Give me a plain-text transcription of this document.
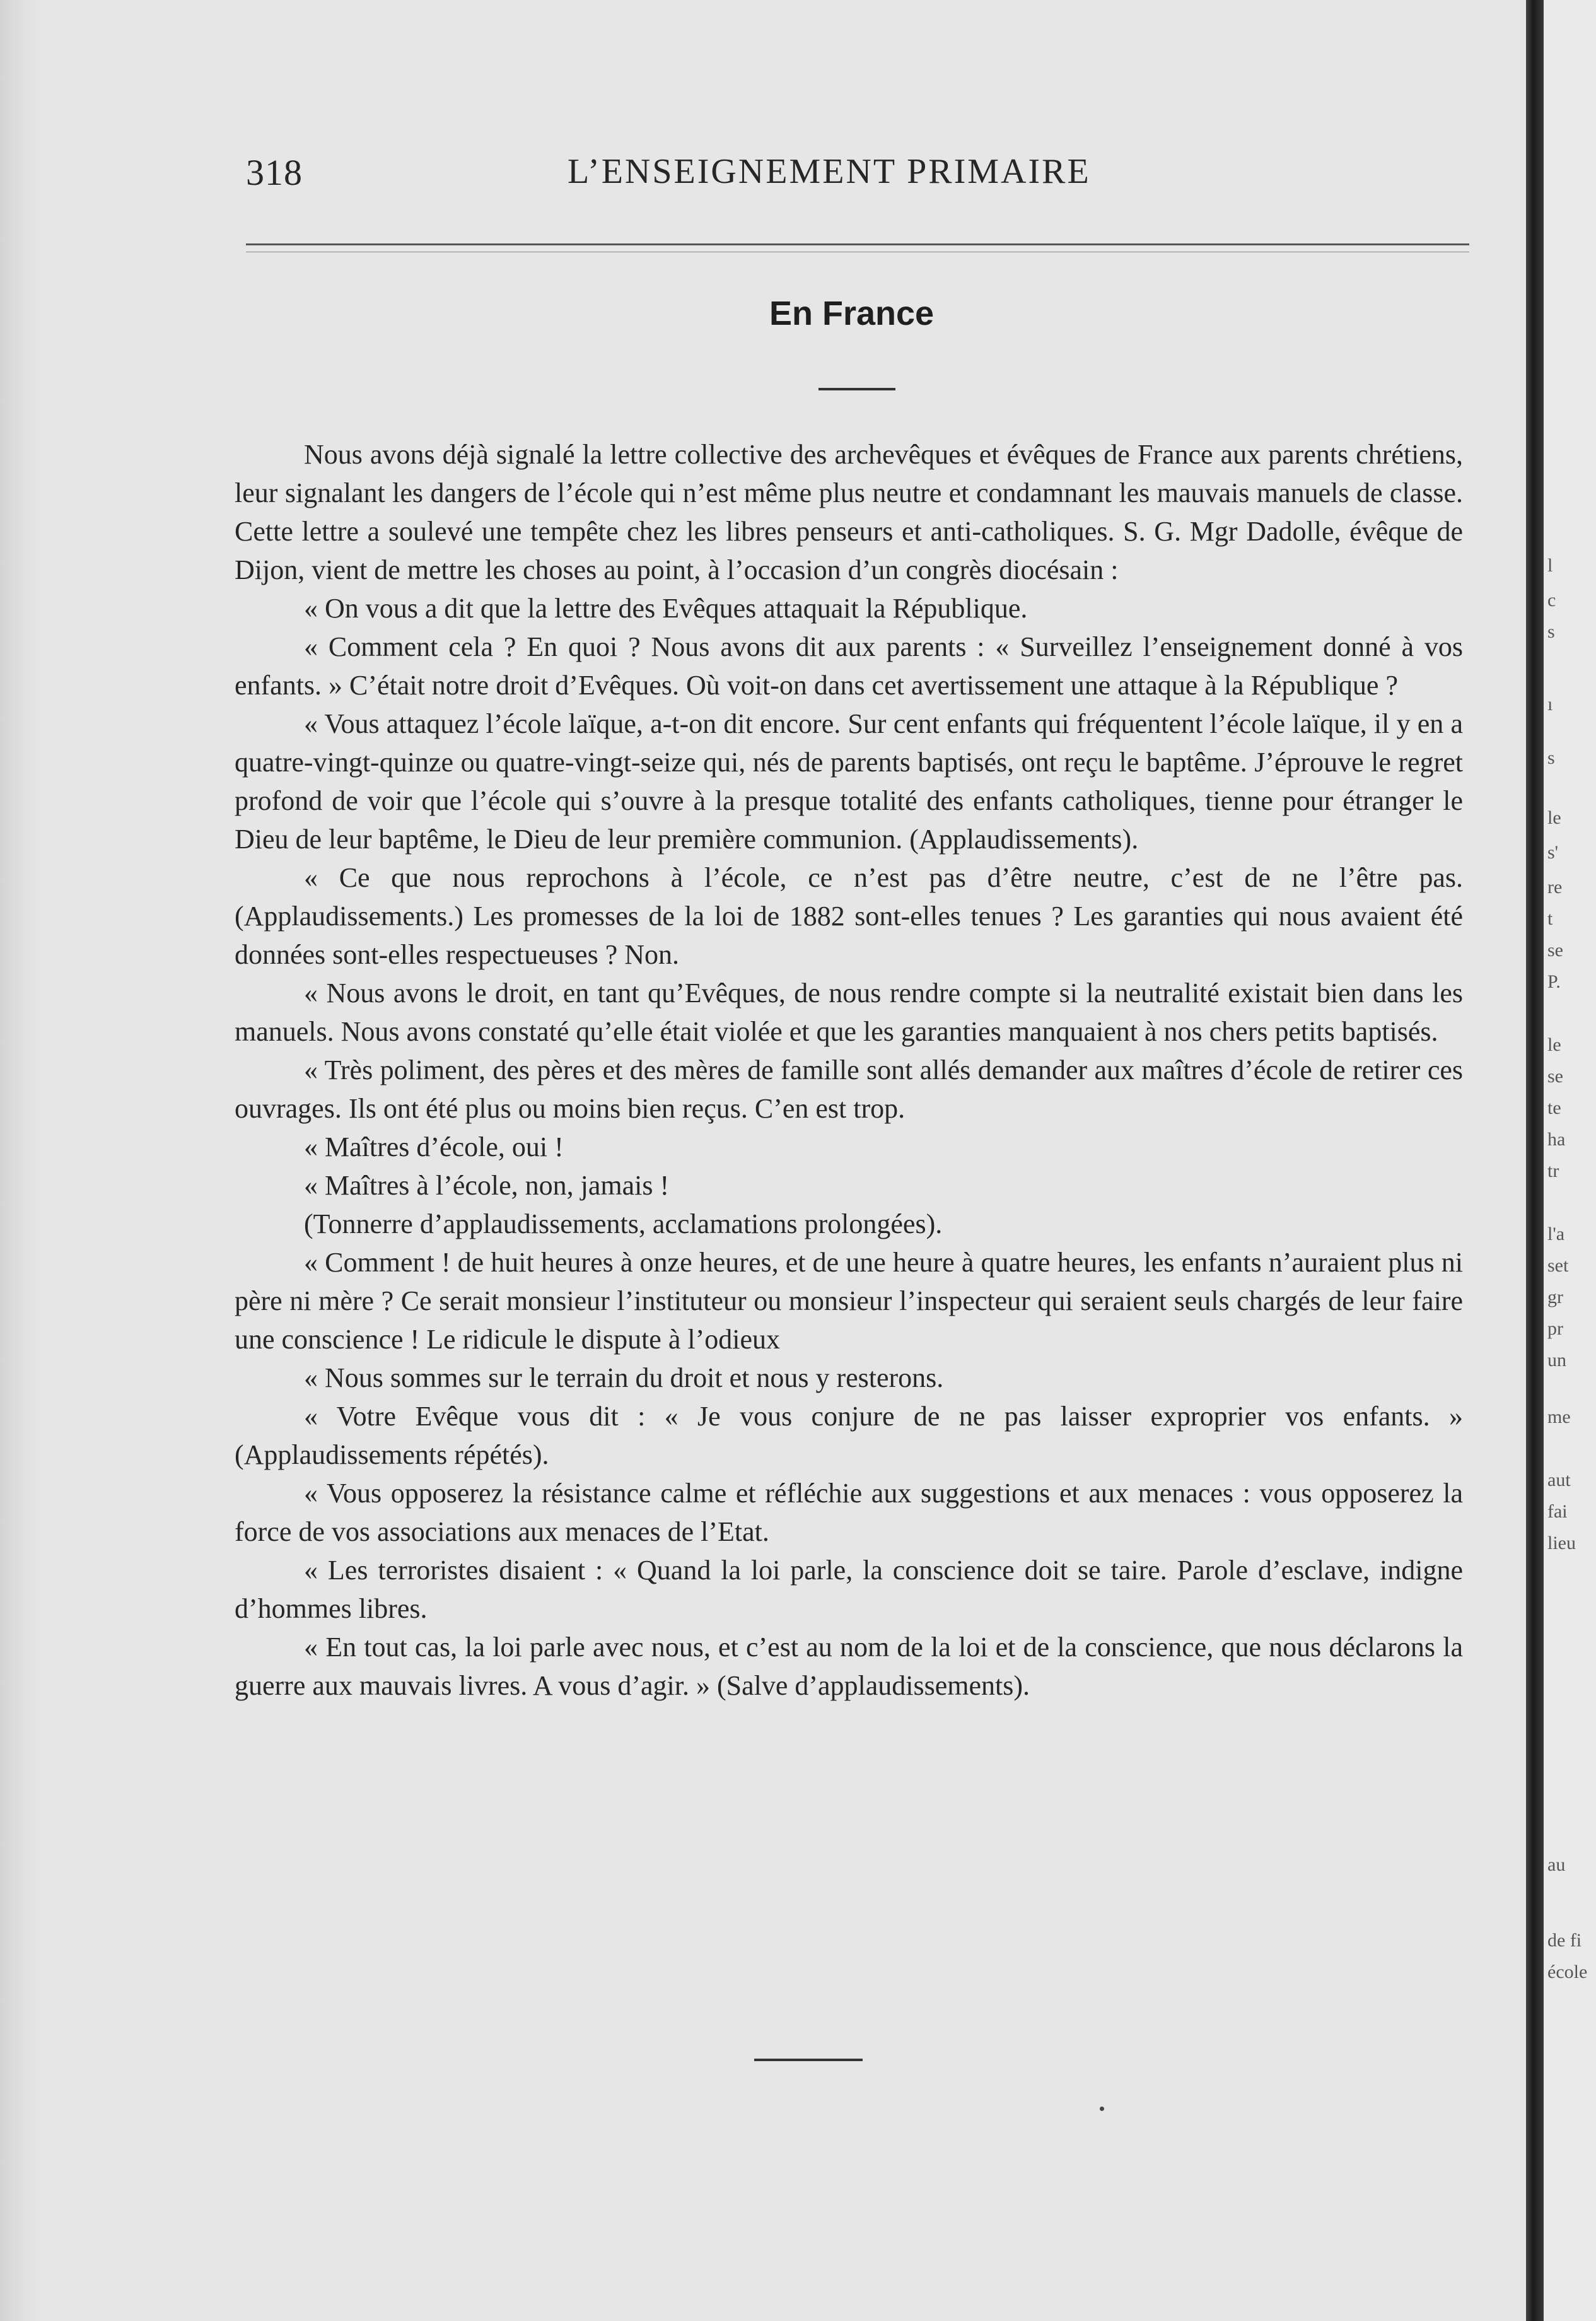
318	L’ENSEIGNEMENT PRIMAIRE
En France

Nous avons déjà signalé la lettre collective des archevêques et évêques de France aux parents chrétiens, leur signalant les dangers de l’école qui n’est même plus neutre et condamnant les mauvais manuels de classe. Cette lettre a soulevé une tempête chez les libres penseurs et anti-catholiques. S. G. Mgr Dadolle, évêque de Dijon, vient de mettre les choses au point, à l’occasion d’un congrès diocésain :

« On vous a dit que la lettre des Evêques attaquait la République.

« Comment cela ? En quoi ? Nous avons dit aux parents : « Surveillez l’enseignement donné à vos enfants. » C’était notre droit d’Evêques. Où voit-on dans cet avertissement une attaque à la République ?

« Vous attaquez l’école laïque, a-t-on dit encore. Sur cent enfants qui fréquentent l’école laïque, il y en a quatre-vingt-quinze ou quatre-vingt-seize qui, nés de parents baptisés, ont reçu le baptême. J’éprouve le regret profond de voir que l’école qui s’ouvre à la presque totalité des enfants catholiques, tienne pour étranger le Dieu de leur baptême, le Dieu de leur première communion. (Applaudissements).

« Ce que nous reprochons à l’école, ce n’est pas d’être neutre, c’est de ne l’être pas. (Applaudissements.) Les promesses de la loi de 1882 sont-elles tenues ? Les garanties qui nous avaient été données sont-elles respectueuses ? Non.

« Nous avons le droit, en tant qu’Evêques, de nous rendre compte si la neutralité existait bien dans les manuels. Nous avons constaté qu’elle était violée et que les garanties manquaient à nos chers petits baptisés.

« Très poliment, des pères et des mères de famille sont allés demander aux maîtres d’école de retirer ces ouvrages. Ils ont été plus ou moins bien reçus. C’en est trop.

« Maîtres d’école, oui !

« Maîtres à l’école, non, jamais !

(Tonnerre d’applaudissements, acclamations prolongées).

« Comment ! de huit heures à onze heures, et de une heure à quatre heures, les enfants n’auraient plus ni père ni mère ? Ce serait monsieur l’instituteur ou monsieur l’inspecteur qui seraient seuls chargés de leur faire une conscience ! Le ridicule le dispute à l’odieux

« Nous sommes sur le terrain du droit et nous y resterons.

« Votre Evêque vous dit : « Je vous conjure de ne pas laisser exproprier vos enfants. » (Applaudissements répétés).

« Vous opposerez la résistance calme et réfléchie aux suggestions et aux menaces : vous opposerez la force de vos associations aux menaces de l’Etat.

« Les terroristes disaient : « Quand la loi parle, la conscience doit se taire. Parole d’esclave, indigne d’hommes libres.

« En tout cas, la loi parle avec nous, et c’est au nom de la loi et de la conscience, que nous déclarons la guerre aux mauvais livres. A vous d’agir. » (Salve d’applaudissements).

l
c
s
ı
s
le
s'
re
t
se
P.
le
se
te
ha
tr
l'a
set
gr
pr
un
me
aut
fai
lieu
au
de fi
école
